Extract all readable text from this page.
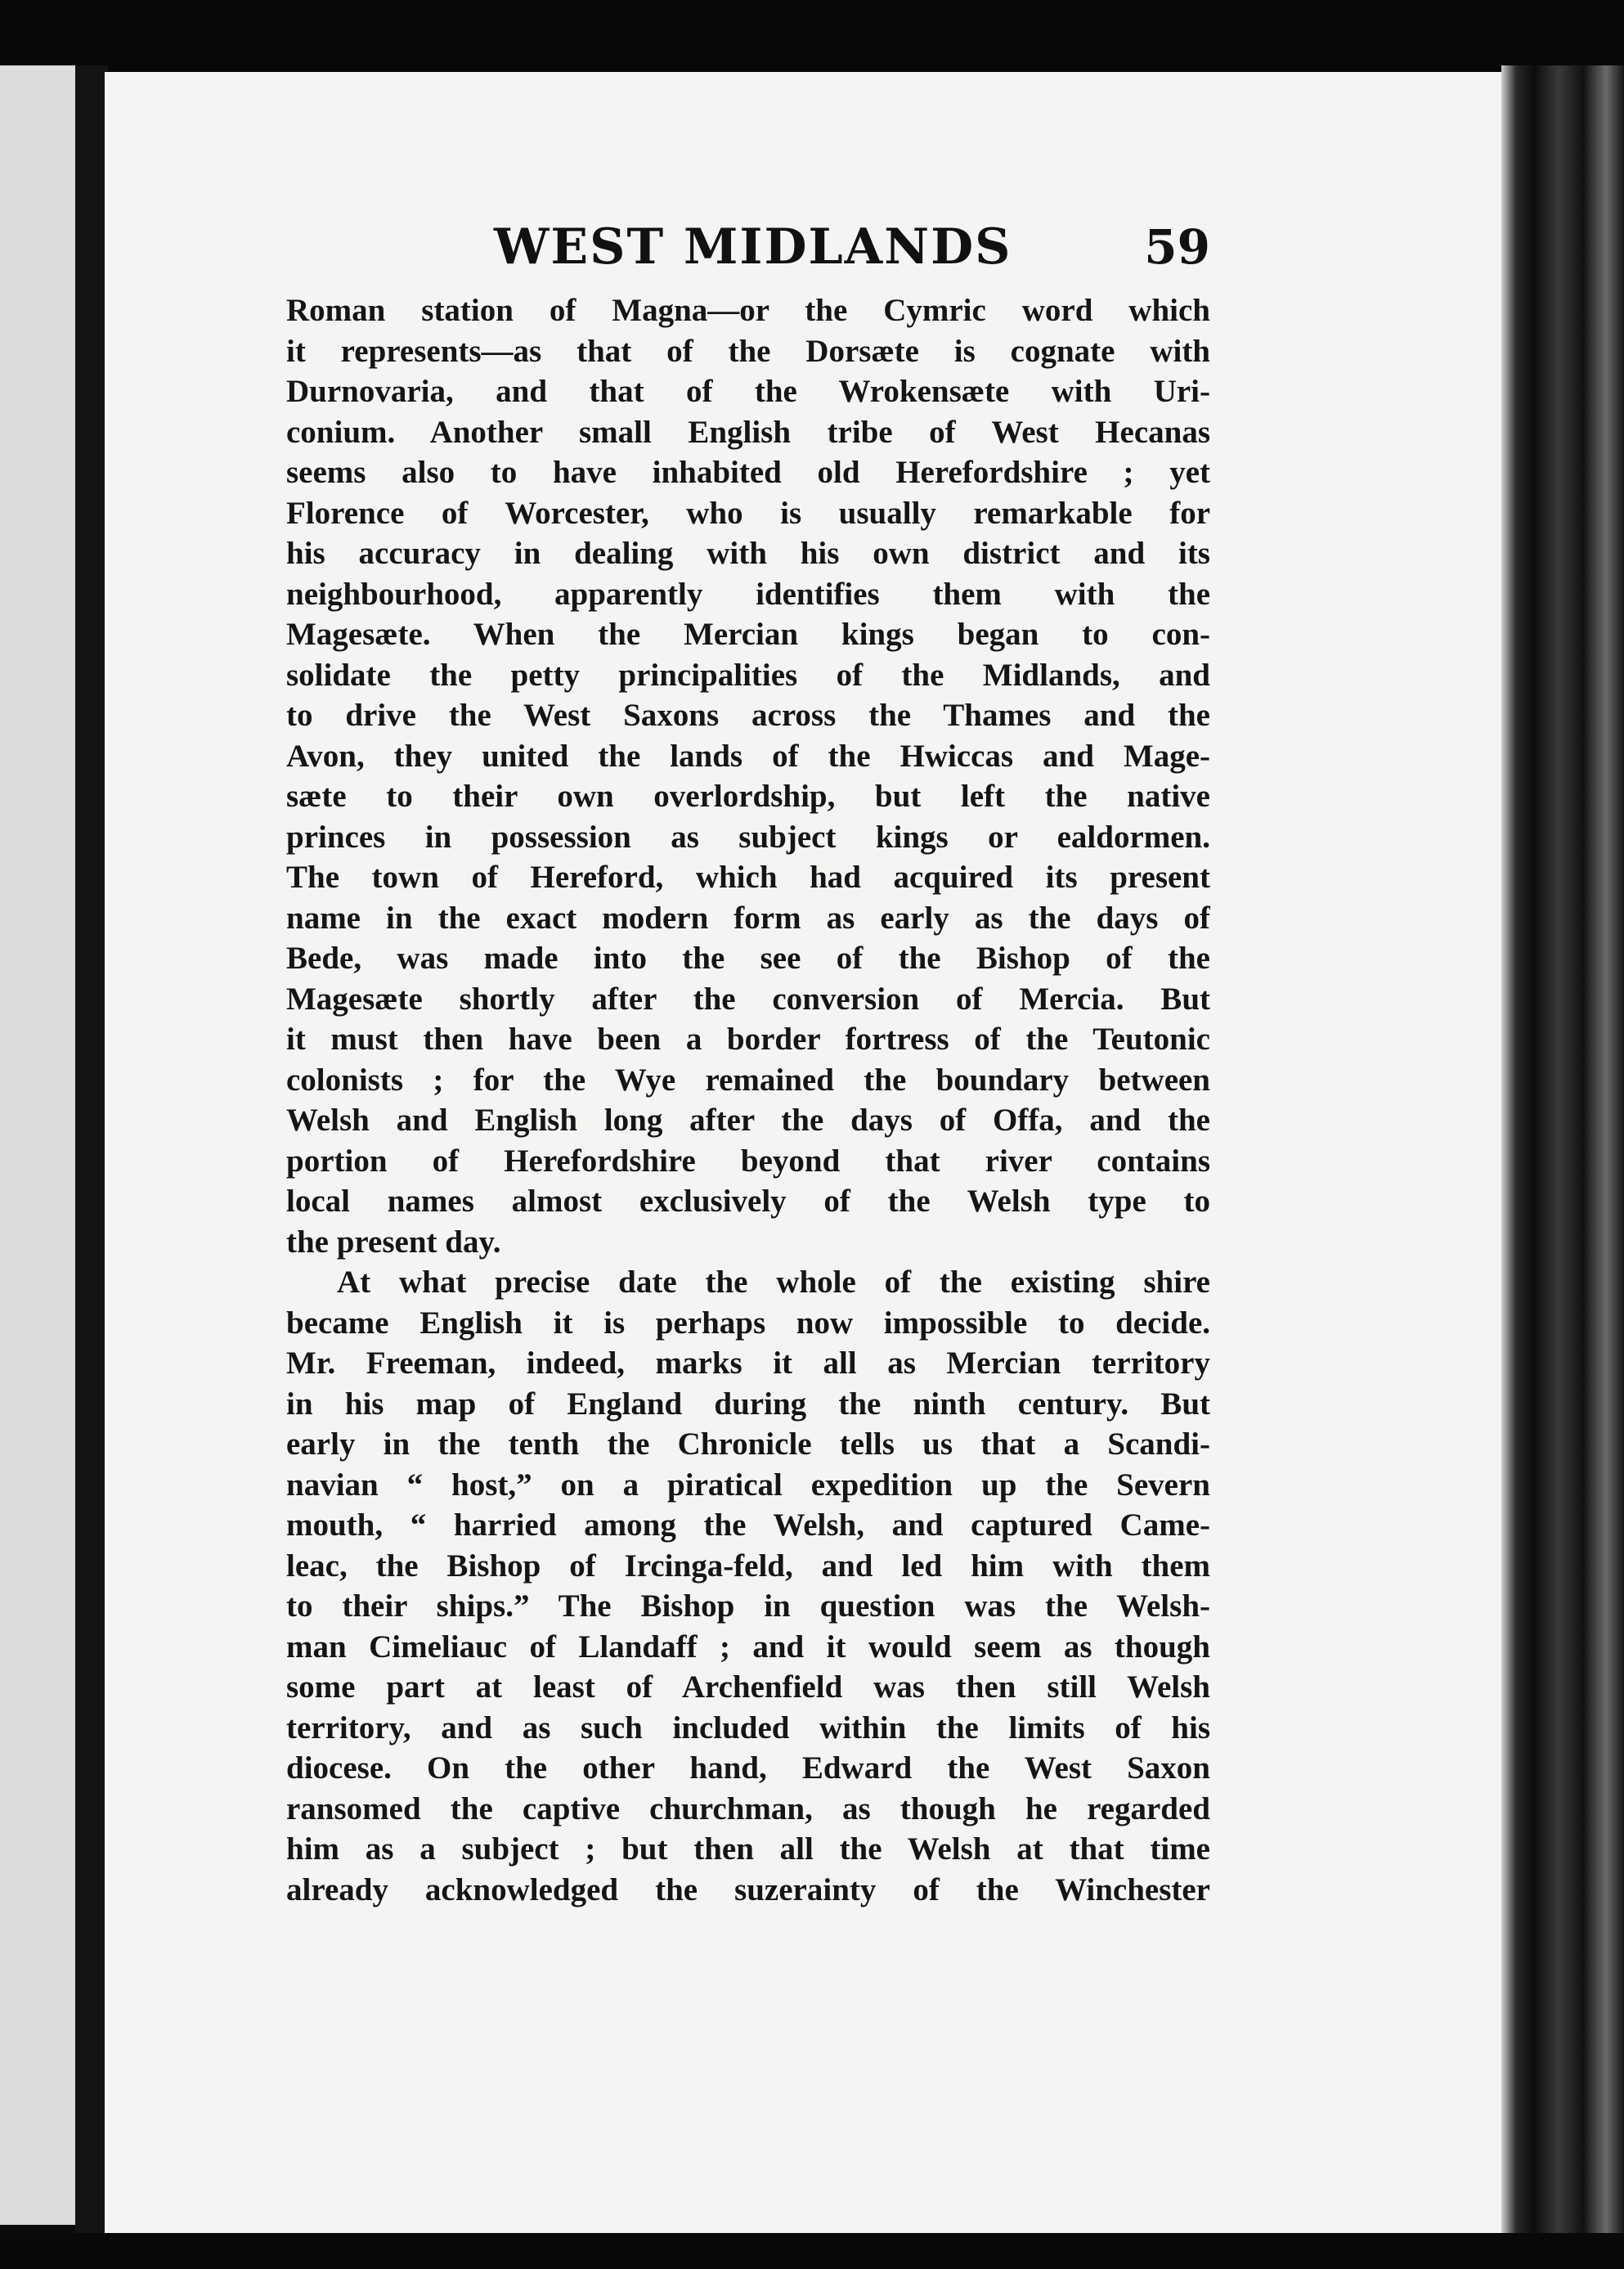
WEST MIDLANDS	59
Roman station of Magna—or the Cymric word which
it represents—as that of the Dorsæte is cognate with
Durnovaria, and that of the Wrokensæte with Uri-
conium. Another small English tribe of West Hecanas
seems also to have inhabited old Herefordshire ; yet
Florence of Worcester, who is usually remarkable for
his accuracy in dealing with his own district and its
neighbourhood, apparently identifies them with the
Magesæte. When the Mercian kings began to con-
solidate the petty principalities of the Midlands, and
to drive the West Saxons across the Thames and the
Avon, they united the lands of the Hwiccas and Mage-
sæte to their own overlordship, but left the native
princes in possession as subject kings or ealdormen.
The town of Hereford, which had acquired its present
name in the exact modern form as early as the days of
Bede, was made into the see of the Bishop of the
Magesæte shortly after the conversion of Mercia. But
it must then have been a border fortress of the Teutonic
colonists ; for the Wye remained the boundary between
Welsh and English long after the days of Offa, and the
portion of Herefordshire beyond that river contains
local names almost exclusively of the Welsh type to
the present day.
At what precise date the whole of the existing shire
became English it is perhaps now impossible to decide.
Mr. Freeman, indeed, marks it all as Mercian territory
in his map of England during the ninth century. But
early in the tenth the Chronicle tells us that a Scandi-
navian “ host,” on a piratical expedition up the Severn
mouth, “ harried among the Welsh, and captured Came-
leac, the Bishop of Ircinga-feld, and led him with them
to their ships.” The Bishop in question was the Welsh-
man Cimeliauc of Llandaff ; and it would seem as though
some part at least of Archenfield was then still Welsh
territory, and as such included within the limits of his
diocese. On the other hand, Edward the West Saxon
ransomed the captive churchman, as though he regarded
him as a subject ; but then all the Welsh at that time
already acknowledged the suzerainty of the Winchester
